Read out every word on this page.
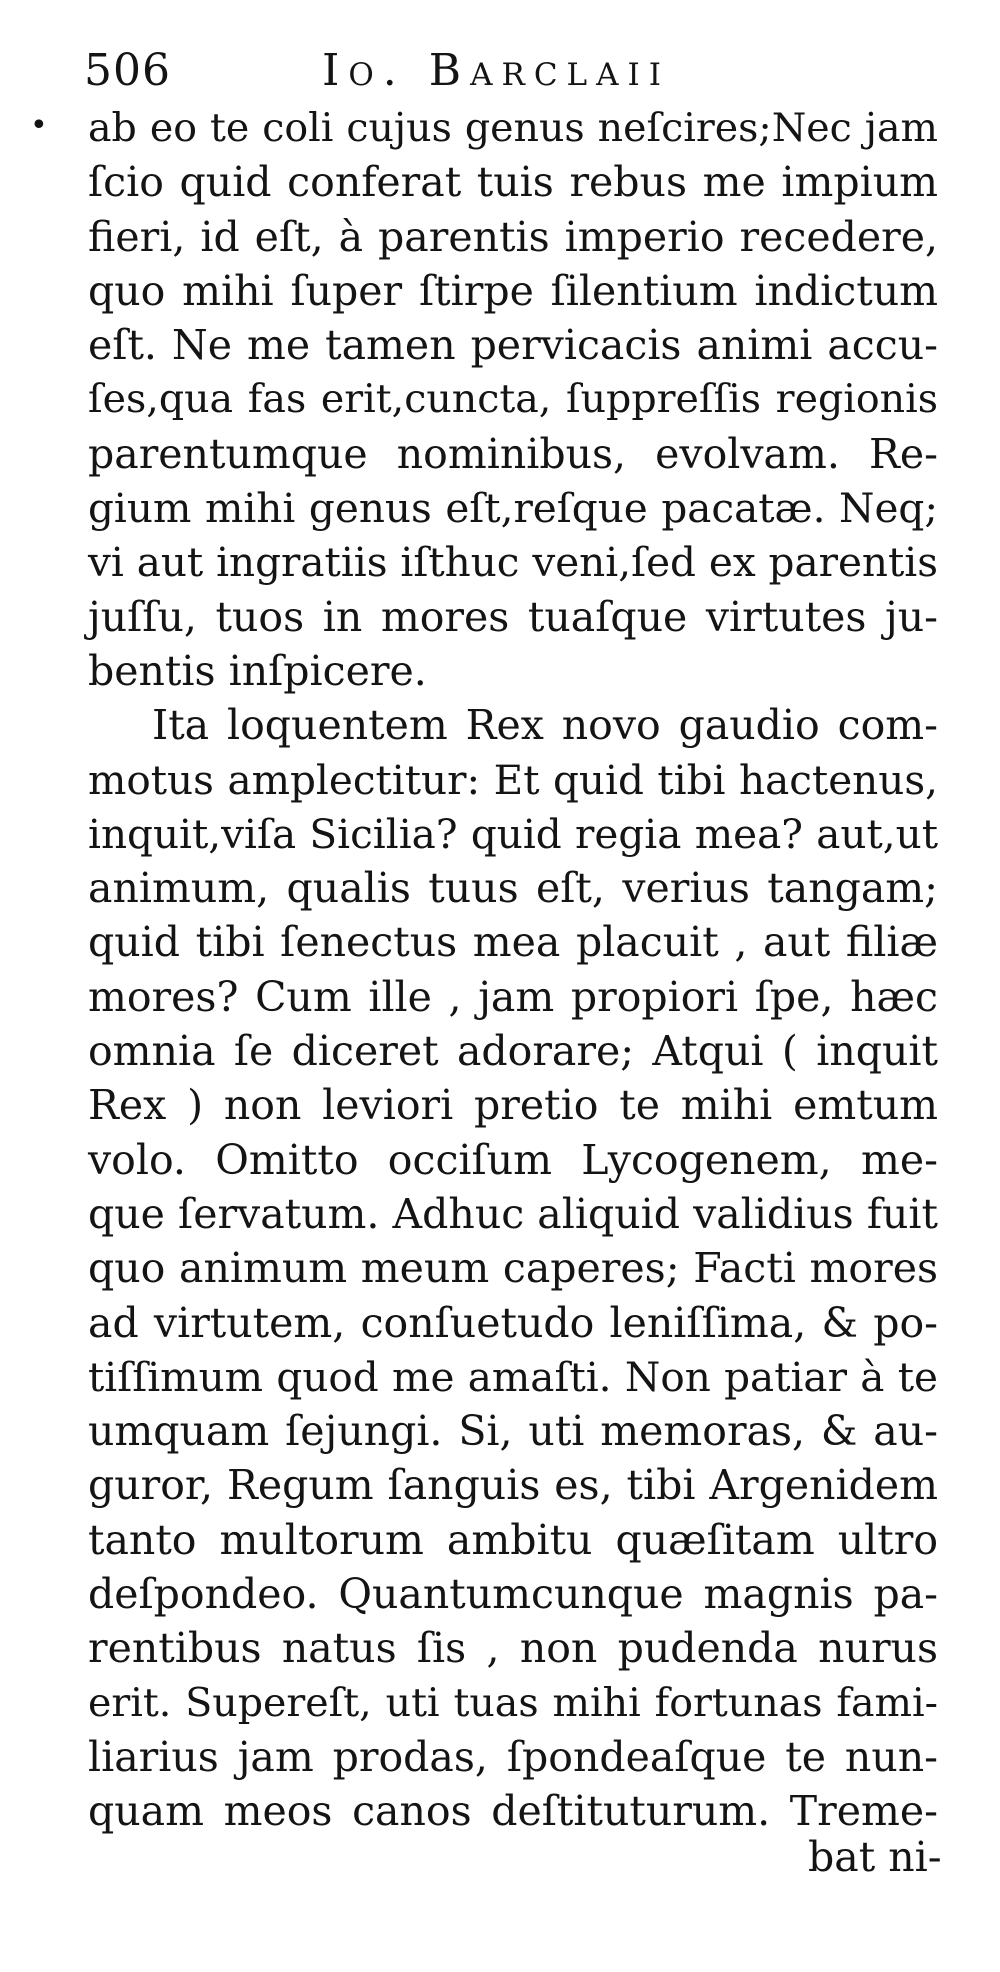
506	Io. Barclaii
• ab eo te coli cujus genus neſcires;Nec jam
ſcio quid conferat tuis rebus me impium
fieri, id eſt, à parentis imperio recedere,
quo mihi ſuper ſtirpe ſilentium indictum
eſt. Ne me tamen pervicacis animi accu-
ſes,qua fas erit,cuncta, ſuppreſſis regionis
parentumque nominibus, evolvam. Re-
gium mihi genus eſt,reſque pacatæ. Neq;
vi aut ingratiis iſthuc veni,ſed ex parentis
juſſu, tuos in mores tuaſque virtutes ju-
bentis inſpicere.
Ita loquentem Rex novo gaudio com-
motus amplectitur: Et quid tibi hactenus,
inquit,viſa Sicilia? quid regia mea? aut,ut
animum, qualis tuus eſt, verius tangam;
quid tibi ſenectus mea placuit , aut filiæ
mores? Cum ille , jam propiori ſpe, hæc
omnia ſe diceret adorare; Atqui ( inquit
Rex ) non leviori pretio te mihi emtum
volo. Omitto occiſum Lycogenem, me-
que ſervatum. Adhuc aliquid validius fuit
quo animum meum caperes; Facti mores
ad virtutem, conſuetudo leniſſima, & po-
tiſſimum quod me amaſti. Non patiar à te
umquam ſejungi. Si, uti memoras, & au-
guror, Regum ſanguis es, tibi Argenidem
tanto multorum ambitu quæſitam ultro
deſpondeo. Quantumcunque magnis pa-
rentibus natus ſis , non pudenda nurus
erit. Supereſt, uti tuas mihi fortunas fami-
liarius jam prodas, ſpondeaſque te nun-
quam meos canos deſtituturum. Treme-
bat ni-
